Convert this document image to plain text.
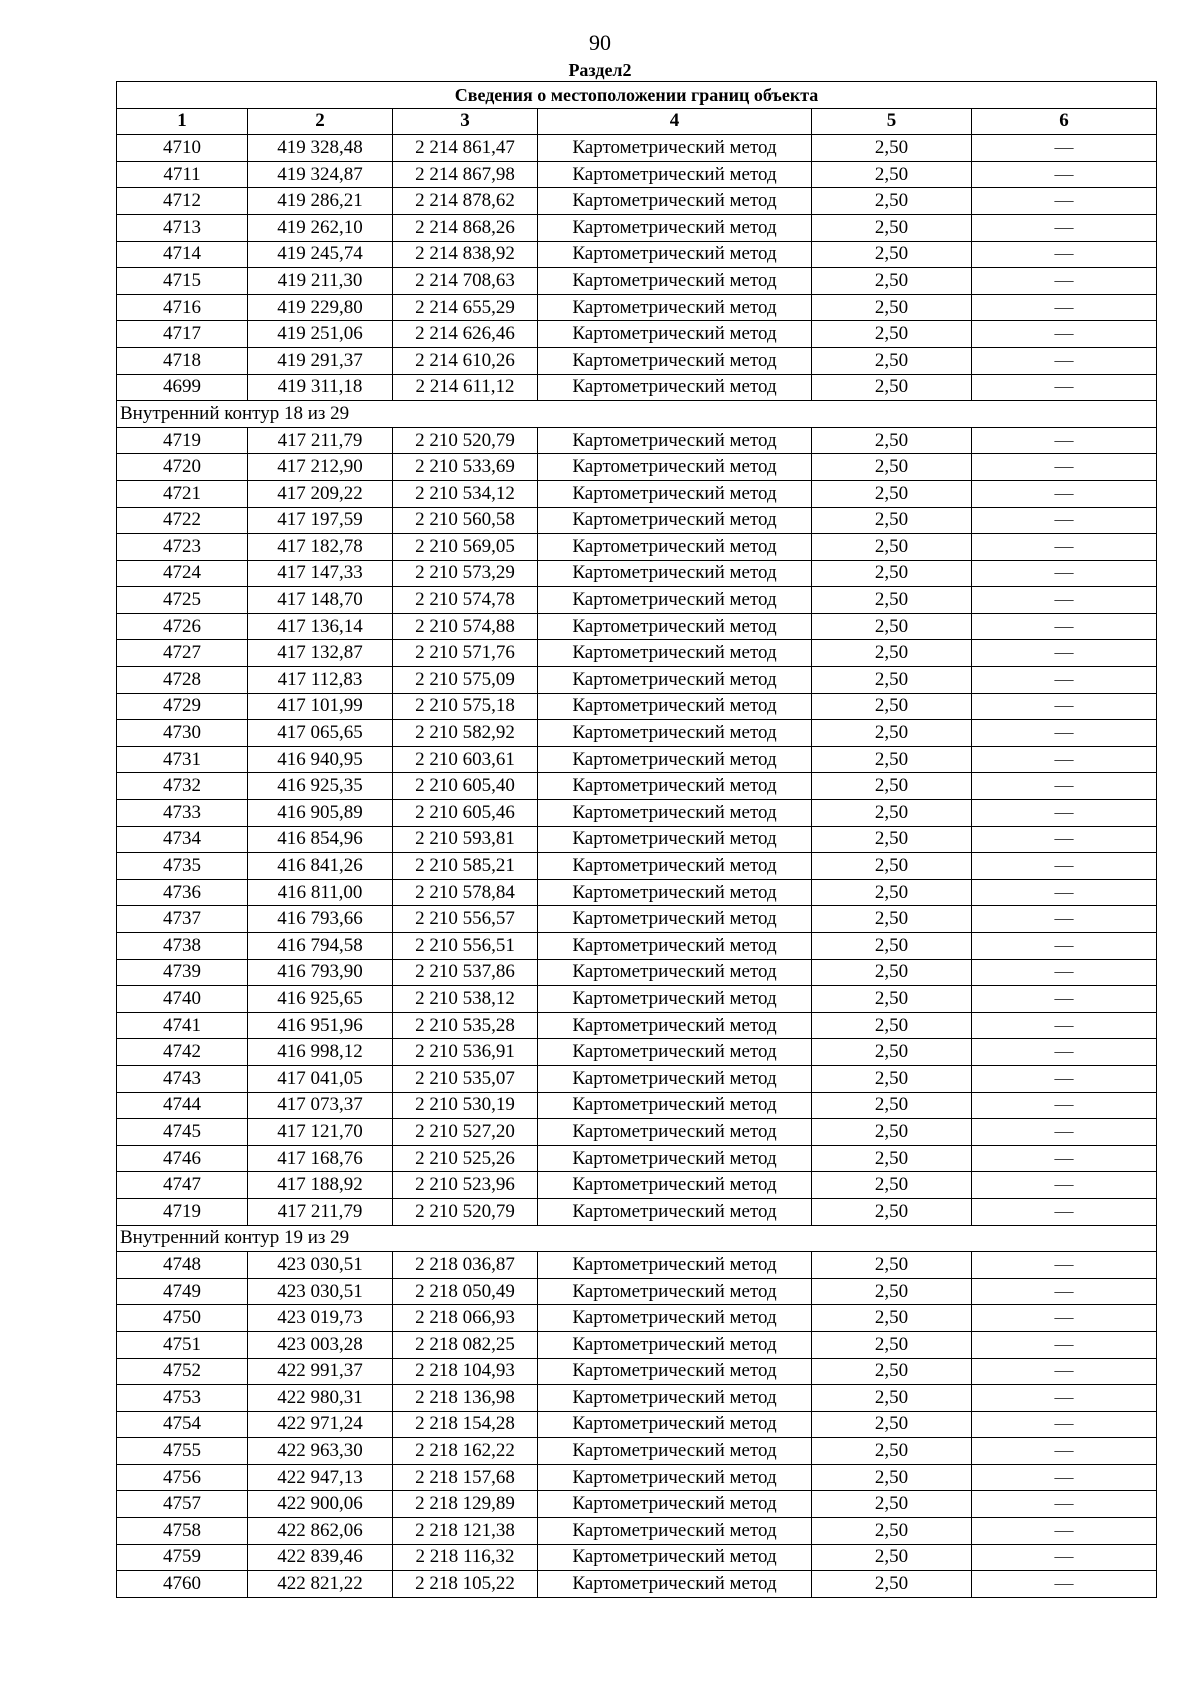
90
Раздел2
Сведения о местоположении границ объекта					
1	2	3	4	5	6
4710	419 328,48	2 214 861,47	Картометрический метод	2,50	—
4711	419 324,87	2 214 867,98	Картометрический метод	2,50	—
4712	419 286,21	2 214 878,62	Картометрический метод	2,50	—
4713	419 262,10	2 214 868,26	Картометрический метод	2,50	—
4714	419 245,74	2 214 838,92	Картометрический метод	2,50	—
4715	419 211,30	2 214 708,63	Картометрический метод	2,50	—
4716	419 229,80	2 214 655,29	Картометрический метод	2,50	—
4717	419 251,06	2 214 626,46	Картометрический метод	2,50	—
4718	419 291,37	2 214 610,26	Картометрический метод	2,50	—
4699	419 311,18	2 214 611,12	Картометрический метод	2,50	—
Внутренний контур 18 из 29					
4719	417 211,79	2 210 520,79	Картометрический метод	2,50	—
4720	417 212,90	2 210 533,69	Картометрический метод	2,50	—
4721	417 209,22	2 210 534,12	Картометрический метод	2,50	—
4722	417 197,59	2 210 560,58	Картометрический метод	2,50	—
4723	417 182,78	2 210 569,05	Картометрический метод	2,50	—
4724	417 147,33	2 210 573,29	Картометрический метод	2,50	—
4725	417 148,70	2 210 574,78	Картометрический метод	2,50	—
4726	417 136,14	2 210 574,88	Картометрический метод	2,50	—
4727	417 132,87	2 210 571,76	Картометрический метод	2,50	—
4728	417 112,83	2 210 575,09	Картометрический метод	2,50	—
4729	417 101,99	2 210 575,18	Картометрический метод	2,50	—
4730	417 065,65	2 210 582,92	Картометрический метод	2,50	—
4731	416 940,95	2 210 603,61	Картометрический метод	2,50	—
4732	416 925,35	2 210 605,40	Картометрический метод	2,50	—
4733	416 905,89	2 210 605,46	Картометрический метод	2,50	—
4734	416 854,96	2 210 593,81	Картометрический метод	2,50	—
4735	416 841,26	2 210 585,21	Картометрический метод	2,50	—
4736	416 811,00	2 210 578,84	Картометрический метод	2,50	—
4737	416 793,66	2 210 556,57	Картометрический метод	2,50	—
4738	416 794,58	2 210 556,51	Картометрический метод	2,50	—
4739	416 793,90	2 210 537,86	Картометрический метод	2,50	—
4740	416 925,65	2 210 538,12	Картометрический метод	2,50	—
4741	416 951,96	2 210 535,28	Картометрический метод	2,50	—
4742	416 998,12	2 210 536,91	Картометрический метод	2,50	—
4743	417 041,05	2 210 535,07	Картометрический метод	2,50	—
4744	417 073,37	2 210 530,19	Картометрический метод	2,50	—
4745	417 121,70	2 210 527,20	Картометрический метод	2,50	—
4746	417 168,76	2 210 525,26	Картометрический метод	2,50	—
4747	417 188,92	2 210 523,96	Картометрический метод	2,50	—
4719	417 211,79	2 210 520,79	Картометрический метод	2,50	—
Внутренний контур 19 из 29					
4748	423 030,51	2 218 036,87	Картометрический метод	2,50	—
4749	423 030,51	2 218 050,49	Картометрический метод	2,50	—
4750	423 019,73	2 218 066,93	Картометрический метод	2,50	—
4751	423 003,28	2 218 082,25	Картометрический метод	2,50	—
4752	422 991,37	2 218 104,93	Картометрический метод	2,50	—
4753	422 980,31	2 218 136,98	Картометрический метод	2,50	—
4754	422 971,24	2 218 154,28	Картометрический метод	2,50	—
4755	422 963,30	2 218 162,22	Картометрический метод	2,50	—
4756	422 947,13	2 218 157,68	Картометрический метод	2,50	—
4757	422 900,06	2 218 129,89	Картометрический метод	2,50	—
4758	422 862,06	2 218 121,38	Картометрический метод	2,50	—
4759	422 839,46	2 218 116,32	Картометрический метод	2,50	—
4760	422 821,22	2 218 105,22	Картометрический метод	2,50	—
